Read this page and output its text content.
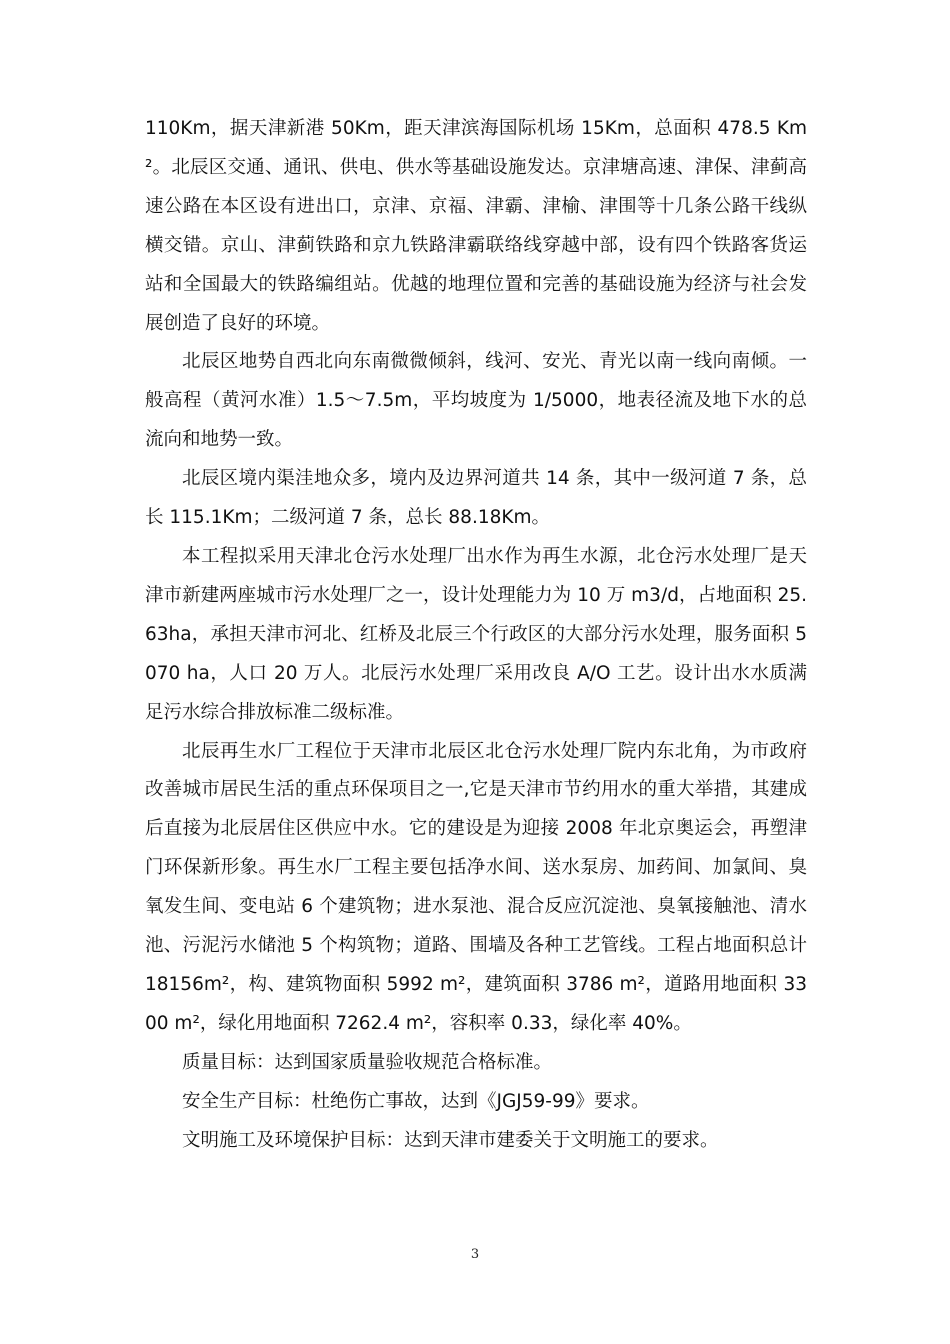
110Km，据天津新港 50Km，距天津滨海国际机场 15Km，总面积 478.5 Km²。北辰区交通、通讯、供电、供水等基础设施发达。京津塘高速、津保、津蓟高速公路在本区设有进出口，京津、京福、津霸、津榆、津围等十几条公路干线纵横交错。京山、津蓟铁路和京九铁路津霸联络线穿越中部，设有四个铁路客货运站和全国最大的铁路编组站。优越的地理位置和完善的基础设施为经济与社会发展创造了良好的环境。

北辰区地势自西北向东南微微倾斜，线河、安光、青光以南一线向南倾。一般高程（黄河水准）1.5～7.5m，平均坡度为 1/5000，地表径流及地下水的总流向和地势一致。

北辰区境内渠洼地众多，境内及边界河道共 14 条，其中一级河道 7 条，总长 115.1Km；二级河道 7 条，总长 88.18Km。

本工程拟采用天津北仓污水处理厂出水作为再生水源，北仓污水处理厂是天津市新建两座城市污水处理厂之一，设计处理能力为 10 万 m3/d，占地面积 25.63ha，承担天津市河北、红桥及北辰三个行政区的大部分污水处理，服务面积 5070 ha，人口 20 万人。北辰污水处理厂采用改良 A/O 工艺。设计出水水质满足污水综合排放标准二级标准。

北辰再生水厂工程位于天津市北辰区北仓污水处理厂院内东北角，为市政府改善城市居民生活的重点环保项目之一,它是天津市节约用水的重大举措，其建成后直接为北辰居住区供应中水。它的建设是为迎接 2008 年北京奥运会，再塑津门环保新形象。再生水厂工程主要包括净水间、送水泵房、加药间、加氯间、臭氧发生间、变电站 6 个建筑物；进水泵池、混合反应沉淀池、臭氧接触池、清水池、污泥污水储池 5 个构筑物；道路、围墙及各种工艺管线。工程占地面积总计 18156m²，构、建筑物面积 5992 m²，建筑面积 3786 m²，道路用地面积 3300 m²，绿化用地面积 7262.4 m²，容积率 0.33，绿化率 40%。

质量目标：达到国家质量验收规范合格标准。

安全生产目标：杜绝伤亡事故，达到《JGJ59-99》要求。

文明施工及环境保护目标：达到天津市建委关于文明施工的要求。

3
